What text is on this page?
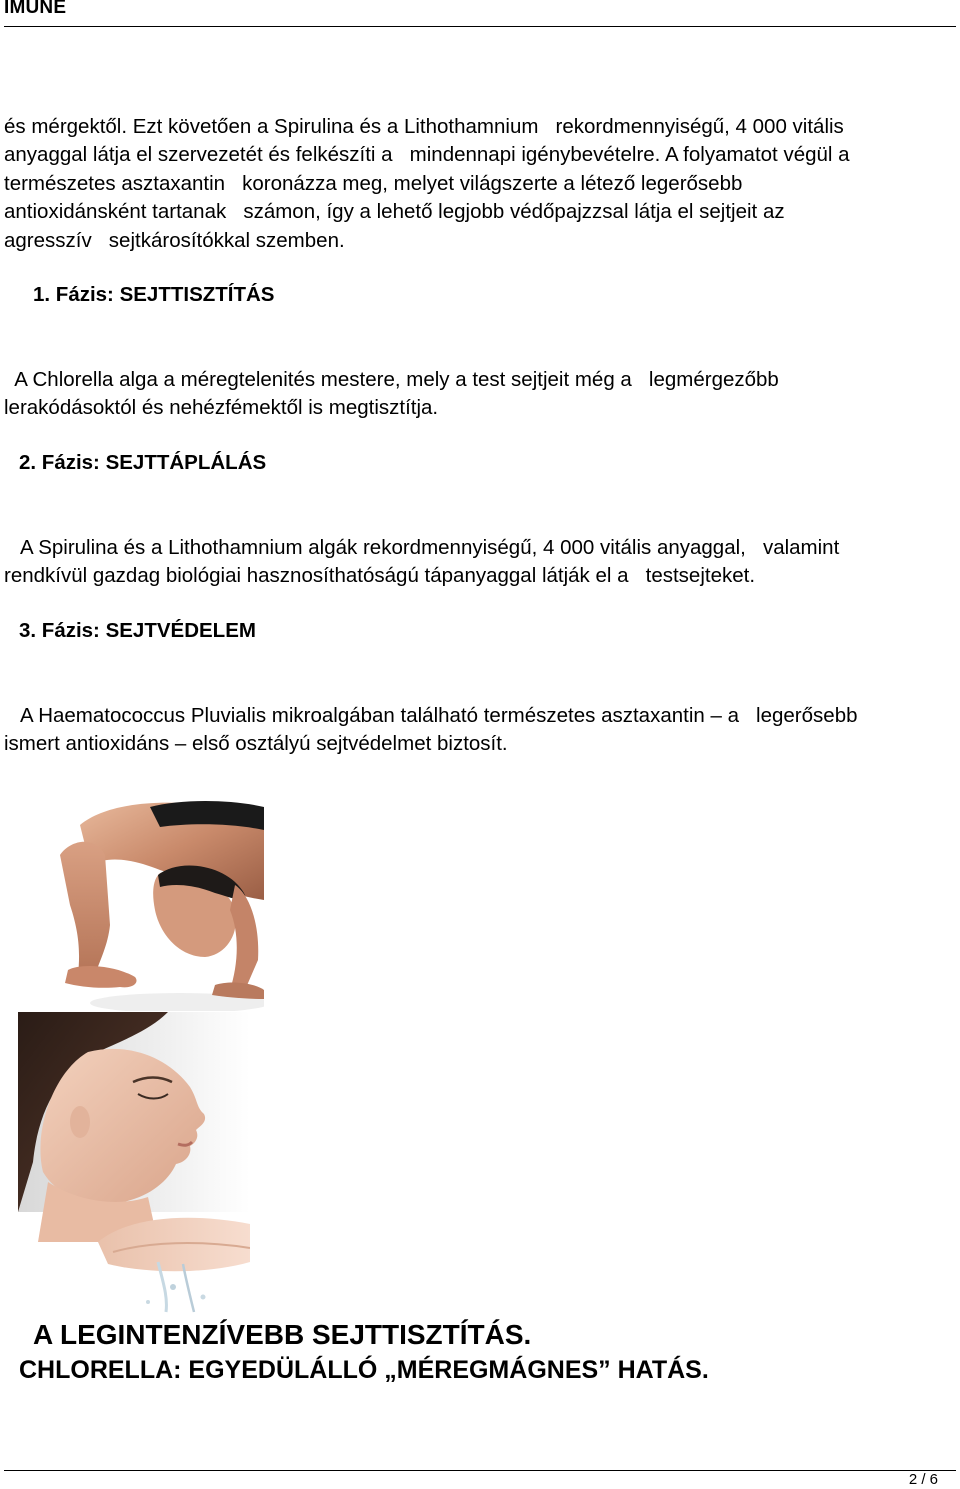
IMUNE
és mérgektől. Ezt követően a Spirulina és a Lithothamnium   rekordmennyiségű, 4 000 vitális
anyaggal látja el szervezetét és felkészíti a   mindennapi igénybevételre. A folyamatot végül a
természetes asztaxantin   koronázza meg, melyet világszerte a létező legerősebb
antioxidánsként tartanak   számon, így a lehető legjobb védőpajzzsal látja el sejtjeit az
agresszív   sejtkárosítókkal szemben.
1. Fázis: SEJTTISZTÍTÁS
A Chlorella alga a méregtelenités mestere, mely a test sejtjeit még a   legmérgezőbb
lerakódásoktól és nehézfémektől is megtisztítja.
2. Fázis: SEJTTÁPLÁLÁS
A Spirulina és a Lithothamnium algák rekordmennyiségű, 4 000 vitális anyaggal,   valamint
rendkívül gazdag biológiai hasznosíthatóságú tápanyaggal látják el a   testsejteket.
3. Fázis: SEJTVÉDELEM
A Haematococcus Pluvialis mikroalgában található természetes asztaxantin – a   legerősebb
ismert antioxidáns – első osztályú sejtvédelmet biztosít.
A LEGINTENZÍVEBB SEJTTISZTÍTÁS.
CHLORELLA: EGYEDÜLÁLLÓ „MÉREGMÁGNES” HATÁS.
2 / 6
